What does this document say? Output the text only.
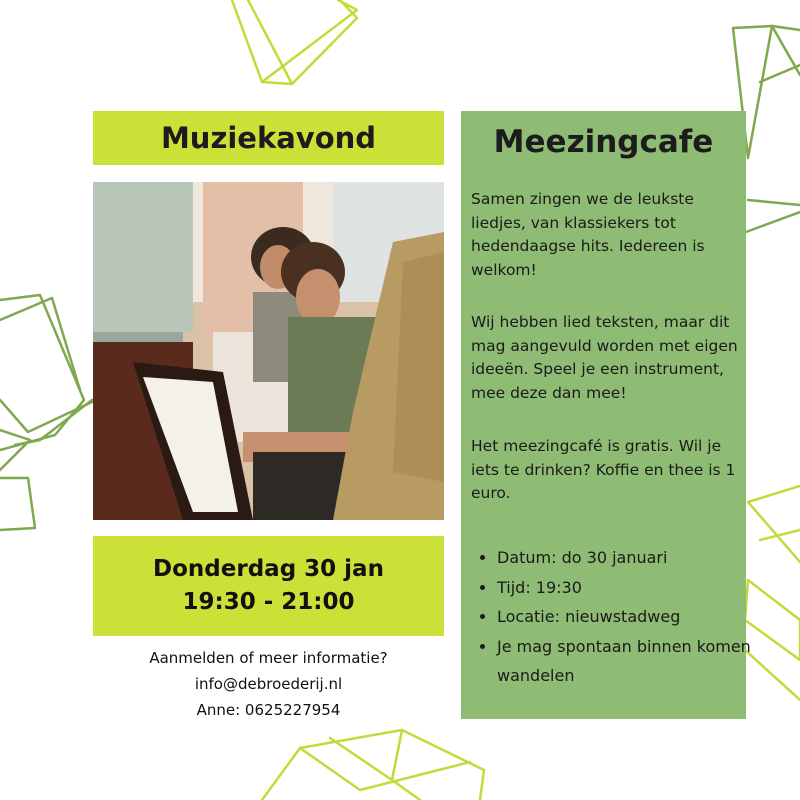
Muziekavond
Donderdag 30 jan
19:30 - 21:00
Aanmelden of meer informatie?
info@debroederij.nl
Anne: 0625227954
Meezingcafe
Samen zingen we de leukste liedjes, van klassiekers tot hedendaagse hits. Iedereen is welkom!
Wij hebben lied teksten, maar dit mag aangevuld worden met eigen ideeën. Speel je een instrument, mee deze dan mee!
Het meezingcafé is gratis. Wil je iets te drinken? Koffie en thee is 1 euro.
• Datum: do 30 januari
• Tijd: 19:30
• Locatie: nieuwstadweg
• Je mag spontaan binnen komen wandelen
